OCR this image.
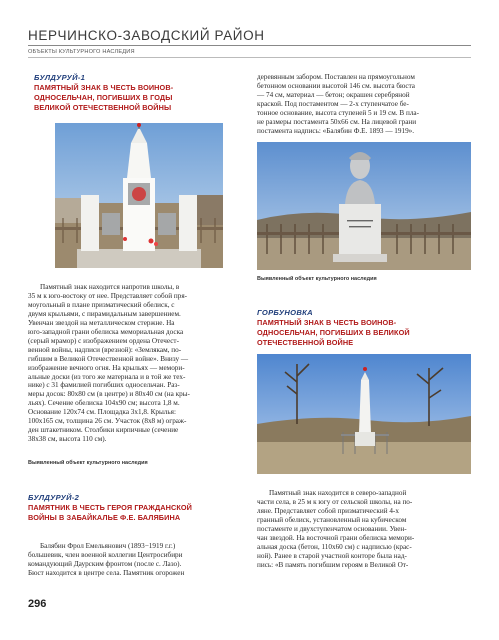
НЕРЧИНСКО-ЗАВОДСКИЙ РАЙОН
ОБЪЕКТЫ КУЛЬТУРНОГО НАСЛЕДИЯ
БУЛДУРУЙ-1
ПАМЯТНЫЙ ЗНАК В ЧЕСТЬ ВОИНОВ-
ОДНОСЕЛЬЧАН, ПОГИБШИХ В ГОДЫ
ВЕЛИКОЙ ОТЕЧЕСТВЕННОЙ ВОЙНЫ

Памятный знак находится напротив школы, в

35 м к юго-востоку от нее. Представляет собой пря-

моугольный в плане призматический обелиск, с

двумя крыльями, с пирамидальным завершением.

Увенчан звездой на металлическом стержне. На

юго-западной грани обелиска мемориальная доска

(серый мрамор) с изображением ордена Отечест-

венной войны, надписи (врезной): «Землякам, по-

гибшим в Великой Отечественной войне». Внизу —

изображение вечного огня. На крыльях — мемори-

альные доски (из того же материала и в той же тех-

нике) с 31 фамилией погибших односельчан. Раз-

меры досок: 80х80 см (в центре) и 80х40 см (на кры-

льях). Сечение обелиска 104х90 см; высота 1,8 м.

Основание 120х74 см. Площадка 3х1,8. Крылья:

100х165 см, толщина 26 см. Участок (8х8 м) ограж-

ден штакетником. Столбики кирпичные (сечение

38х38 см, высота 110 см).

Выявленный объект культурного наследия
БУЛДУРУЙ-2
ПАМЯТНИК В ЧЕСТЬ ГЕРОЯ ГРАЖДАНСКОЙ
ВОЙНЫ В ЗАБАЙКАЛЬЕ Ф.Е. БАЛЯБИНА

Балябин Фрол Емельянович (1893−1919 г.г.)

большевик, член военной коллегии Центросибири

командующий Даурским фронтом (после с. Лазо).

Бюст находится в центре села. Памятник огорожен

296

деревянным забором. Поставлен на прямоугольном

бетонном основании высотой 146 см. высота бюста

— 74 см, материал — бетон; окрашен серебряной

краской. Под постаментом — 2-х ступенчатое бе-

тонное основание, высота ступеней 5 и 19 см. В пла-

не размеры постамента 50х66 см. На лицевой грани

постамента надпись: «Балябин Ф.Е. 1893 — 1919».

Выявленный объект культурного наследия
ГОРБУНОВКА
ПАМЯТНЫЙ ЗНАК В ЧЕСТЬ ВОИНОВ-
ОДНОСЕЛЬЧАН, ПОГИБШИХ В ВЕЛИКОЙ
ОТЕЧЕСТВЕННОЙ ВОЙНЕ

Памятный знак находится в северо-западной

части села, в 25 м к югу от сельской школы, на по-

ляне. Представляет собой призматический 4-х

гранный обелиск, установленный на кубическом

постаменте и двухступенчатом основании. Увен-

чан звездой. На восточной грани обелиска мемори-

альная доска (бетон, 110х60 см) с надписью (крас-

ной). Ранее в старой участной конторе была над-

пись: «В память погибшим героям в Великой От-
